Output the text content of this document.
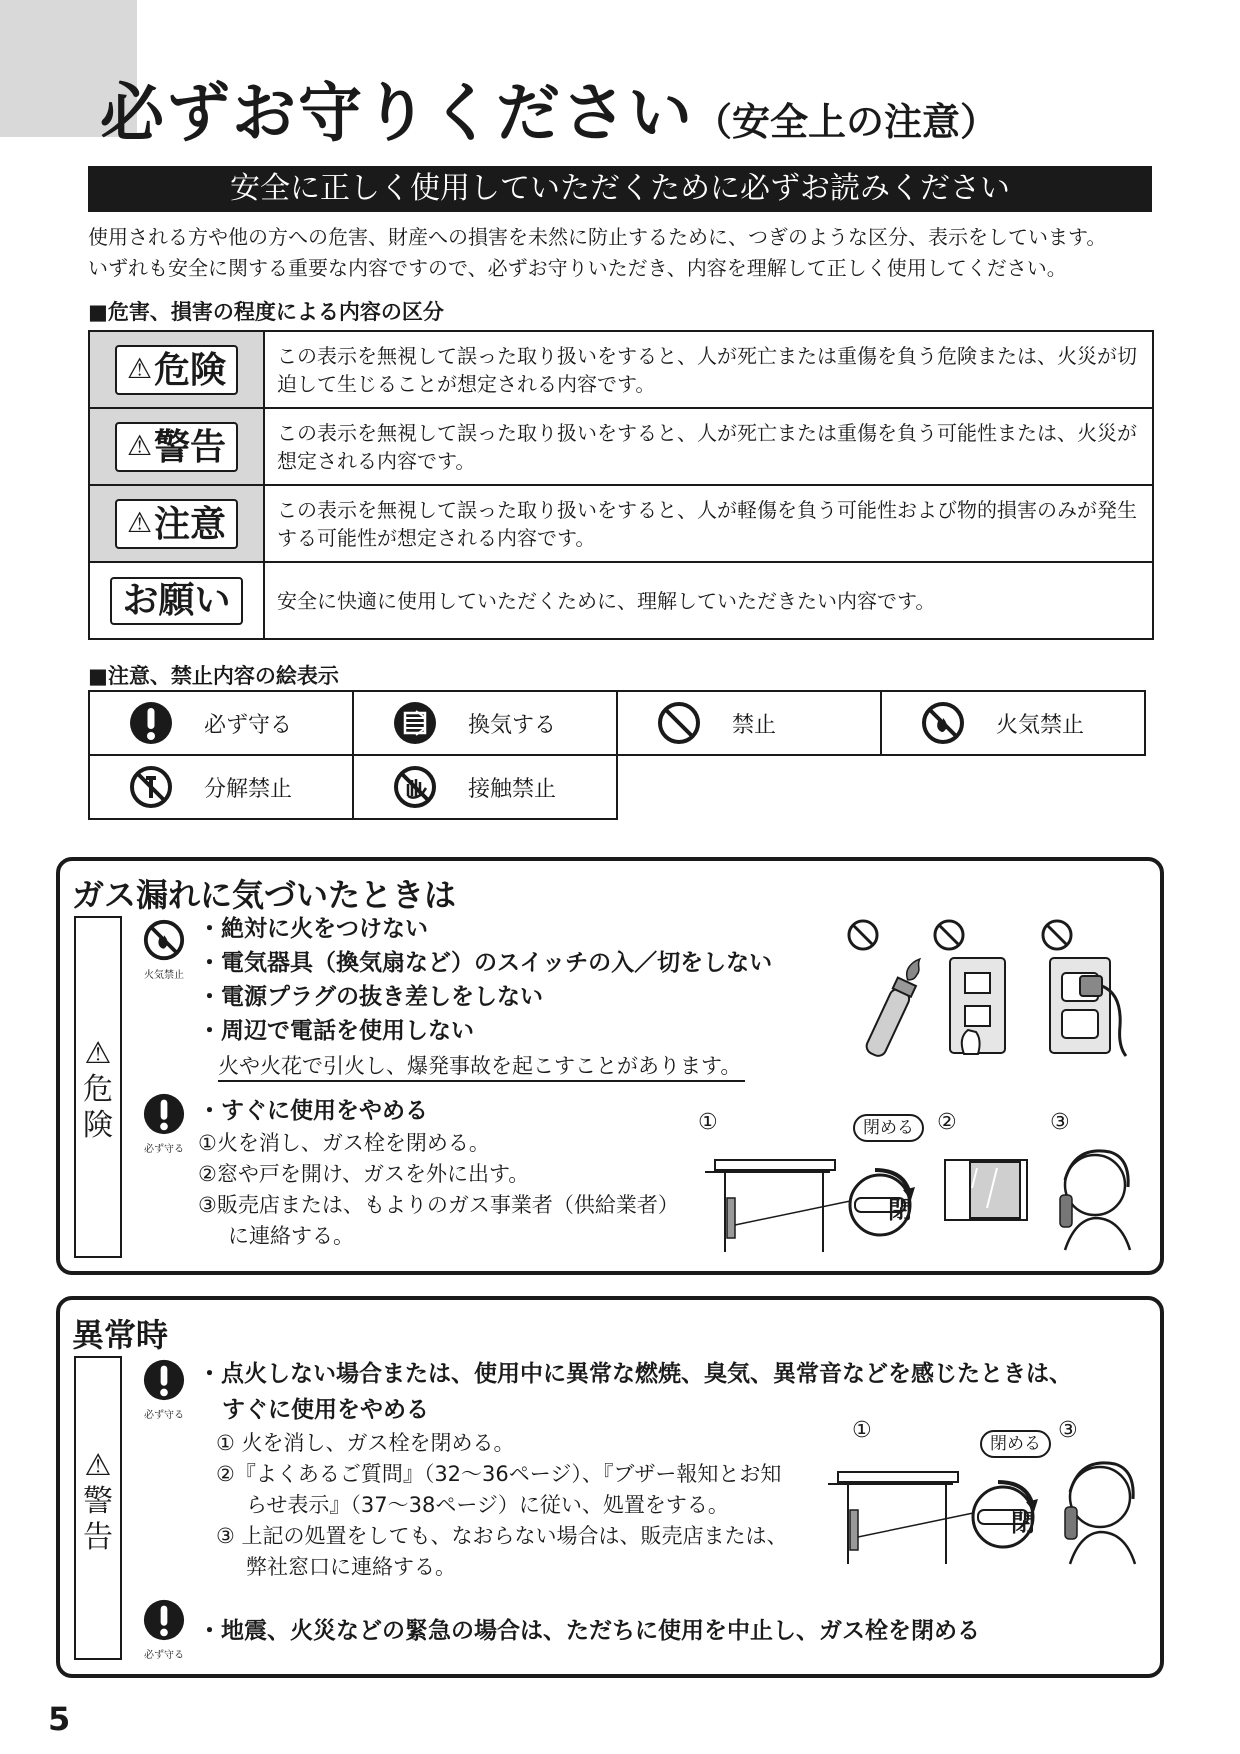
必ずお守りください（安全上の注意）
安全に正しく使用していただくために必ずお読みください
使用される方や他の方への危害、財産への損害を未然に防止するために、つぎのような区分、表示をしています。
いずれも安全に関する重要な内容ですので、必ずお守りいただき、内容を理解して正しく使用してください。
■危害、損害の程度による内容の区分
⚠危険	この表示を無視して誤った取り扱いをすると、人が死亡または重傷を負う危険または、火災が切迫して生じることが想定される内容です。
⚠警告	この表示を無視して誤った取り扱いをすると、人が死亡または重傷を負う可能性または、火災が想定される内容です。
⚠注意	この表示を無視して誤った取り扱いをすると、人が軽傷を負う可能性および物的損害のみが発生する可能性が想定される内容です。
お願い	安全に快適に使用していただくために、理解していただきたい内容です。
■注意、禁止内容の絵表示
必ず守る	換気する	禁止	火気禁止

分解禁止	接触禁止		

ガス漏れに気づいたときは
⚠
危険
火気禁止
・絶対に火をつけない
・電気器具（換気扇など）のスイッチの入／切をしない
・電源プラグの抜き差しをしない
・周辺で電話を使用しない
火や火花で引火し、爆発事故を起こすことがあります。
必ず守る
・すぐに使用をやめる
①火を消し、ガス栓を閉める。
②窓や戸を開け、ガスを外に出す。
③販売店または、もよりのガス事業者（供給業者）
に連絡する。
①	②	③
閉める
閉
異常時
⚠
警告
必ず守る
・点火しない場合または、使用中に異常な燃焼、臭気、異常音などを感じたときは、
すぐに使用をやめる
① 火を消し、ガス栓を閉める。
②『よくあるご質問』（32～36ページ）、『ブザー報知とお知
らせ表示』（37～38ページ）に従い、処置をする。
③ 上記の処置をしても、なおらない場合は、販売店または、
弊社窓口に連絡する。
①	③
閉める
閉
必ず守る
・地震、火災などの緊急の場合は、ただちに使用を中止し、ガス栓を閉める
5
